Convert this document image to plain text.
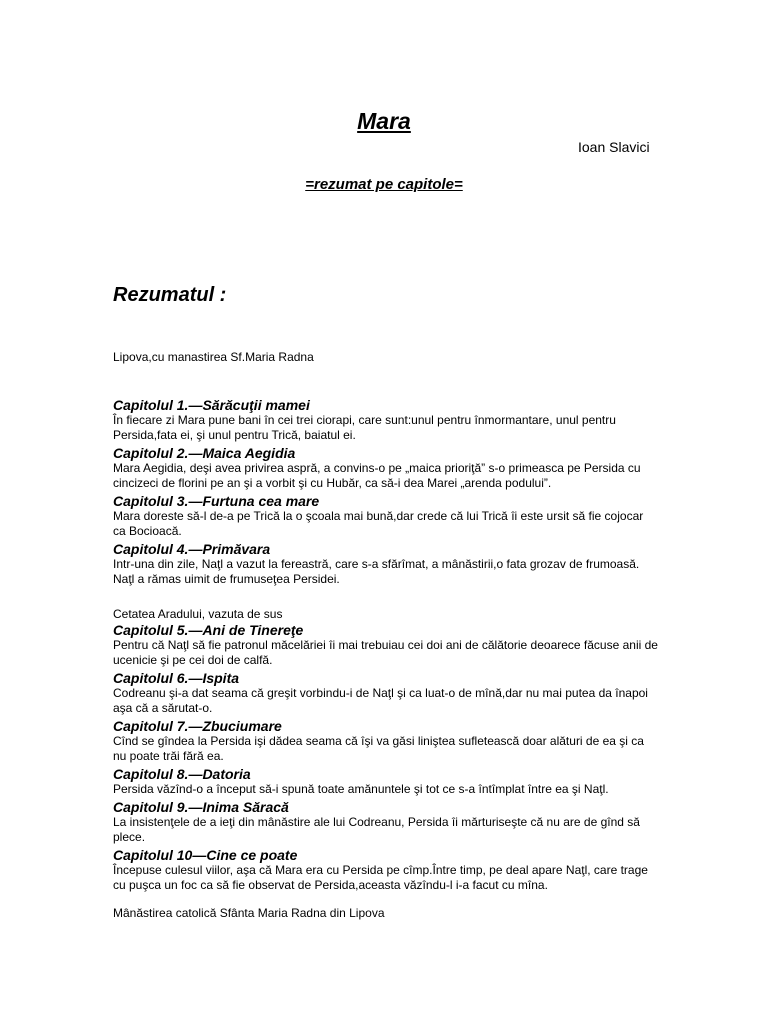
Mara
Ioan Slavici
=rezumat pe capitole=
Rezumatul :
Lipova,cu manastirea Sf.Maria Radna

Capitolul 1.—Sărăcuţii mamei

În fiecare zi Mara pune bani în cei trei ciorapi, care sunt:unul pentru înmormantare, unul pentru Persida,fata ei, şi unul pentru Trică, baiatul ei.

Capitolul 2.—Maica Aegidia

Mara Aegidia, deşi avea privirea aspră, a convins-o pe „maica prioriţă” s-o primeasca pe Persida cu cincizeci de florini pe an şi a vorbit şi cu Hubăr, ca să-i dea Marei „arenda podului”.

Capitolul 3.—Furtuna cea mare

Mara doreste să-l de-a pe Trică la o şcoala mai bună,dar crede că lui Trică îi este ursit să fie cojocar ca Bocioacă.

Capitolul 4.—Primăvara

Intr-una din zile, Naţl a vazut la fereastră, care s-a sfărîmat, a mânăstirii,o fata grozav de frumoasă. Naţl a rămas uimit de frumuseţea Persidei.

Cetatea Aradului, vazuta de sus

Capitolul 5.—Ani de Tinereţe

Pentru că Naţl să fie patronul măcelăriei îi mai trebuiau cei doi ani de călătorie deoarece făcuse anii de ucenicie şi pe cei doi de calfă.

Capitolul 6.—Ispita

Codreanu şi-a dat seama că greşit vorbindu-i de Naţl şi ca luat-o de mînă,dar nu mai putea da înapoi aşa că a sărutat-o.

Capitolul 7.—Zbuciumare

Cînd se gîndea la Persida işi dădea seama că îşi va găsi liniştea sufletească doar alături de ea şi ca nu poate trăi fără ea.

Capitolul 8.—Datoria

Persida văzînd-o a început să-i spună toate amănuntele şi tot ce s-a întîmplat între ea şi Naţl.

Capitolul 9.—Inima Săracă

La insistenţele de a ieţi din mânăstire ale lui Codreanu, Persida îi mărturiseşte că nu are de gînd să plece.

Capitolul 10—Cine ce poate

Începuse culesul viilor, aşa că Mara era cu Persida pe cîmp.Între timp, pe deal apare Naţl, care trage cu puşca un foc ca să fie observat de Persida,aceasta văzîndu-l i-a facut cu mîna.

Mânăstirea catolică Sfânta Maria Radna din Lipova
